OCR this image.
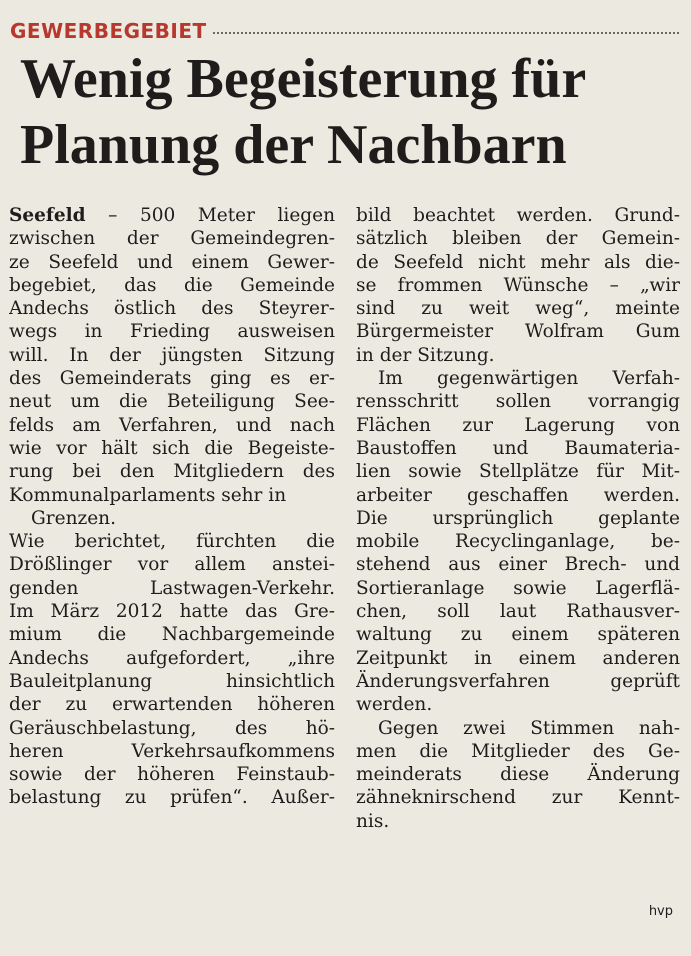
GEWERBEGEBIET
Wenig Begeisterung für Planung der Nachbarn
Seefeld – 500 Meter liegen
zwischen der Gemeindegren-
ze Seefeld und einem Gewer-
begebiet, das die Gemeinde
Andechs östlich des Steyrer-
wegs in Frieding ausweisen
will. In der jüngsten Sitzung
des Gemeinderats ging es er-
neut um die Beteiligung See-
felds am Verfahren, und nach
wie vor hält sich die Begeiste-
rung bei den Mitgliedern des
Kommunalparlaments sehr in
Grenzen.
Wie berichtet, fürchten die
Drößlinger vor allem anstei-
genden Lastwagen-Verkehr.
Im März 2012 hatte das Gre-
mium die Nachbargemeinde
Andechs aufgefordert, „ihre
Bauleitplanung hinsichtlich
der zu erwartenden höheren
Geräuschbelastung, des hö-
heren Verkehrsaufkommens
sowie der höheren Feinstaub-
belastung zu prüfen“. Außer-
bild beachtet werden. Grund-
sätzlich bleiben der Gemein-
de Seefeld nicht mehr als die-
se frommen Wünsche – „wir
sind zu weit weg“, meinte
Bürgermeister Wolfram Gum
in der Sitzung.
Im gegenwärtigen Verfah-
rensschritt sollen vorrangig
Flächen zur Lagerung von
Baustoffen und Baumateria-
lien sowie Stellplätze für Mit-
arbeiter geschaffen werden.
Die ursprünglich geplante
mobile Recyclinganlage, be-
stehend aus einer Brech- und
Sortieranlage sowie Lagerflä-
chen, soll laut Rathausver-
waltung zu einem späteren
Zeitpunkt in einem anderen
Änderungsverfahren geprüft
werden.
Gegen zwei Stimmen nah-
men die Mitglieder des Ge-
meinderats diese Änderung
zähneknirschend zur Kennt-
nis.
hvp
